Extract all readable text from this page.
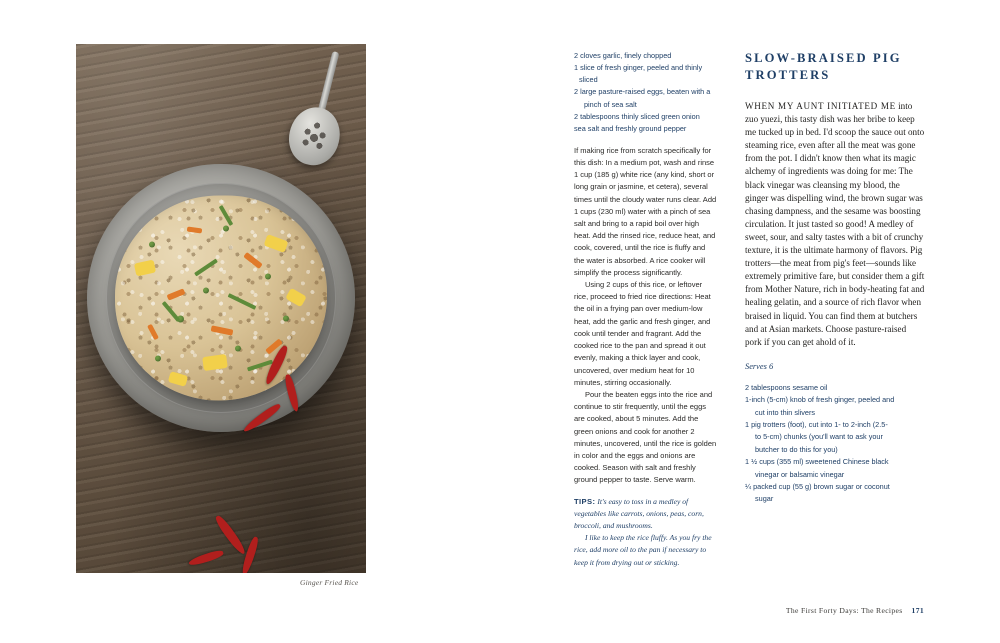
Ginger Fried Rice

2 cloves garlic, finely chopped

1 slice of fresh ginger, peeled and thinly sliced

2 large pasture-raised eggs, beaten with a

pinch of sea salt

2 tablespoons thinly sliced green onion

sea salt and freshly ground pepper

If making rice from scratch specifically for this dish: In a medium pot, wash and rinse 1 cup (185 g) white rice (any kind, short or long grain or jasmine, et cetera), several times until the cloudy water runs clear. Add 1 cups (230 ml) water with a pinch of sea salt and bring to a rapid boil over high heat. Add the rinsed rice, reduce heat, and cook, covered, until the rice is fluffy and the water is absorbed. A rice cooker will simplify the process significantly.

Using 2 cups of this rice, or leftover rice, proceed to fried rice directions: Heat the oil in a frying pan over medium-low heat, add the garlic and fresh ginger, and cook until tender and fragrant. Add the cooked rice to the pan and spread it out evenly, making a thick layer and cook, uncovered, over medium heat for 10 minutes, stirring occasionally.

Pour the beaten eggs into the rice and continue to stir frequently, until the eggs are cooked, about 5 minutes. Add the green onions and cook for another 2 minutes, uncovered, until the rice is golden in color and the eggs and onions are cooked. Season with salt and freshly ground pepper to taste. Serve warm.

TIPS: It's easy to toss in a medley of vegetables like carrots, onions, peas, corn, broccoli, and mushrooms.

I like to keep the rice fluffy. As you fry the rice, add more oil to the pan if necessary to keep it from drying out or sticking.

SLOW-BRAISED PIG TROTTERS

WHEN MY AUNT INITIATED ME into zuo yuezi, this tasty dish was her bribe to keep me tucked up in bed. I'd scoop the sauce out onto steaming rice, even after all the meat was gone from the pot. I didn't know then what its magic alchemy of ingredients was doing for me: The black vinegar was cleansing my blood, the ginger was dispelling wind, the brown sugar was chasing dampness, and the sesame was boosting circulation. It just tasted so good! A medley of sweet, sour, and salty tastes with a bit of crunchy texture, it is the ultimate harmony of flavors. Pig trotters—the meat from pig's feet—sounds like extremely primitive fare, but consider them a gift from Mother Nature, rich in body-heating fat and healing gelatin, and a source of rich flavor when braised in liquid. You can find them at butchers and at Asian markets. Choose pasture-raised pork if you can get ahold of it.

Serves 6

2 tablespoons sesame oil

1-inch (5-cm) knob of fresh ginger, peeled and

cut into thin slivers

1 pig trotters (foot), cut into 1- to 2-inch (2.5-

to 5-cm) chunks (you'll want to ask your

butcher to do this for you)

1 ½ cups (355 ml) sweetened Chinese black

vinegar or balsamic vinegar

¼ packed cup (55 g) brown sugar or coconut

sugar

The First Forty Days: The Recipes 171
